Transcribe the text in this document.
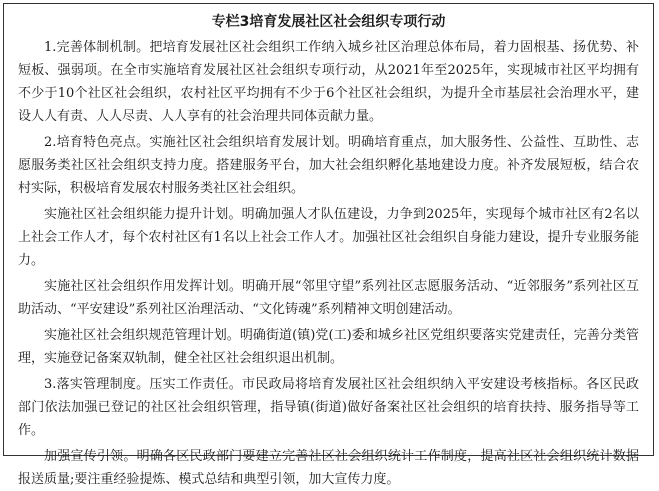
专栏3培育发展社区社会组织专项行动

1.完善体制机制。把培育发展社区社会组织工作纳入城乡社区治理总体布局，着力固根基、扬优势、补短板、强弱项。在全市实施培育发展社区社会组织专项行动，从2021年至2025年，实现城市社区平均拥有不少于10个社区社会组织，农村社区平均拥有不少于6个社区社会组织，为提升全市基层社会治理水平，建设人人有责、人人尽责、人人享有的社会治理共同体贡献力量。

2.培育特色亮点。实施社区社会组织培育发展计划。明确培育重点，加大服务性、公益性、互助性、志愿服务类社区社会组织支持力度。搭建服务平台，加大社会组织孵化基地建设力度。补齐发展短板，结合农村实际，积极培育发展农村服务类社区社会组织。

实施社区社会组织能力提升计划。明确加强人才队伍建设，力争到2025年，实现每个城市社区有2名以上社会工作人才，每个农村社区有1名以上社会工作人才。加强社区社会组织自身能力建设，提升专业服务能力。

实施社区社会组织作用发挥计划。明确开展“邻里守望”系列社区志愿服务活动、“近邻服务”系列社区互助活动、“平安建设”系列社区治理活动、“文化铸魂”系列精神文明创建活动。

实施社区社会组织规范管理计划。明确街道(镇)党(工)委和城乡社区党组织要落实党建责任，完善分类管理，实施登记备案双轨制，健全社区社会组织退出机制。

3.落实管理制度。压实工作责任。市民政局将培育发展社区社会组织纳入平安建设考核指标。各区民政部门依法加强已登记的社区社会组织管理，指导镇(街道)做好备案社区社会组织的培育扶持、服务指导等工作。

加强宣传引领。明确各区民政部门要建立完善社区社会组织统计工作制度，提高社区社会组织统计数据报送质量;要注重经验提炼、模式总结和典型引领，加大宣传力度。
